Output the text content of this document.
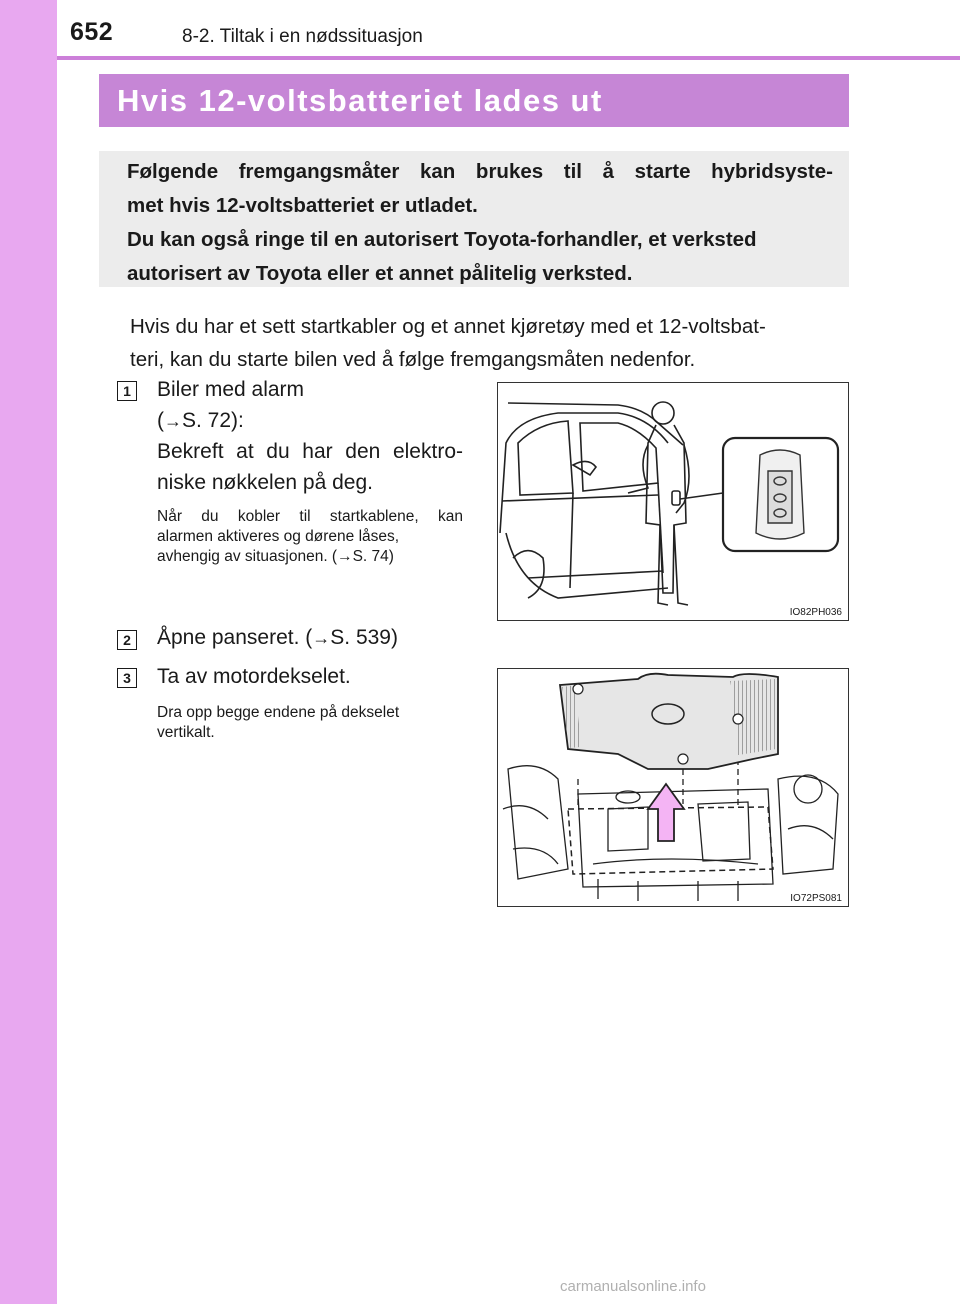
652	8-2. Tiltak i en nødssituasjon
Hvis 12-voltsbatteriet lades ut

Følgende fremgangsmåter kan brukes til å starte hybridsyste-

met hvis 12-voltsbatteriet er utladet.

Du kan også ringe til en autorisert Toyota-forhandler, et verksted

autorisert av Toyota eller et annet pålitelig verksted.

Hvis du har et sett startkabler og et annet kjøretøy med et 12-voltsbat-
teri, kan du starte bilen ved å følge fremgangsmåten nedenfor.
1 Biler med alarm
(→S. 72):
Bekreft at du har den elektro-
niske nøkkelen på deg.
Når du kobler til startkablene, kan
alarmen aktiveres og dørene låses,
avhengig av situasjonen. (→S. 74)
IO82PH036
2 Åpne panseret. (→S. 539)
3 Ta av motordekselet.
Dra opp begge endene på dekselet
vertikalt.
IO72PS081
carmanualsonline.info
